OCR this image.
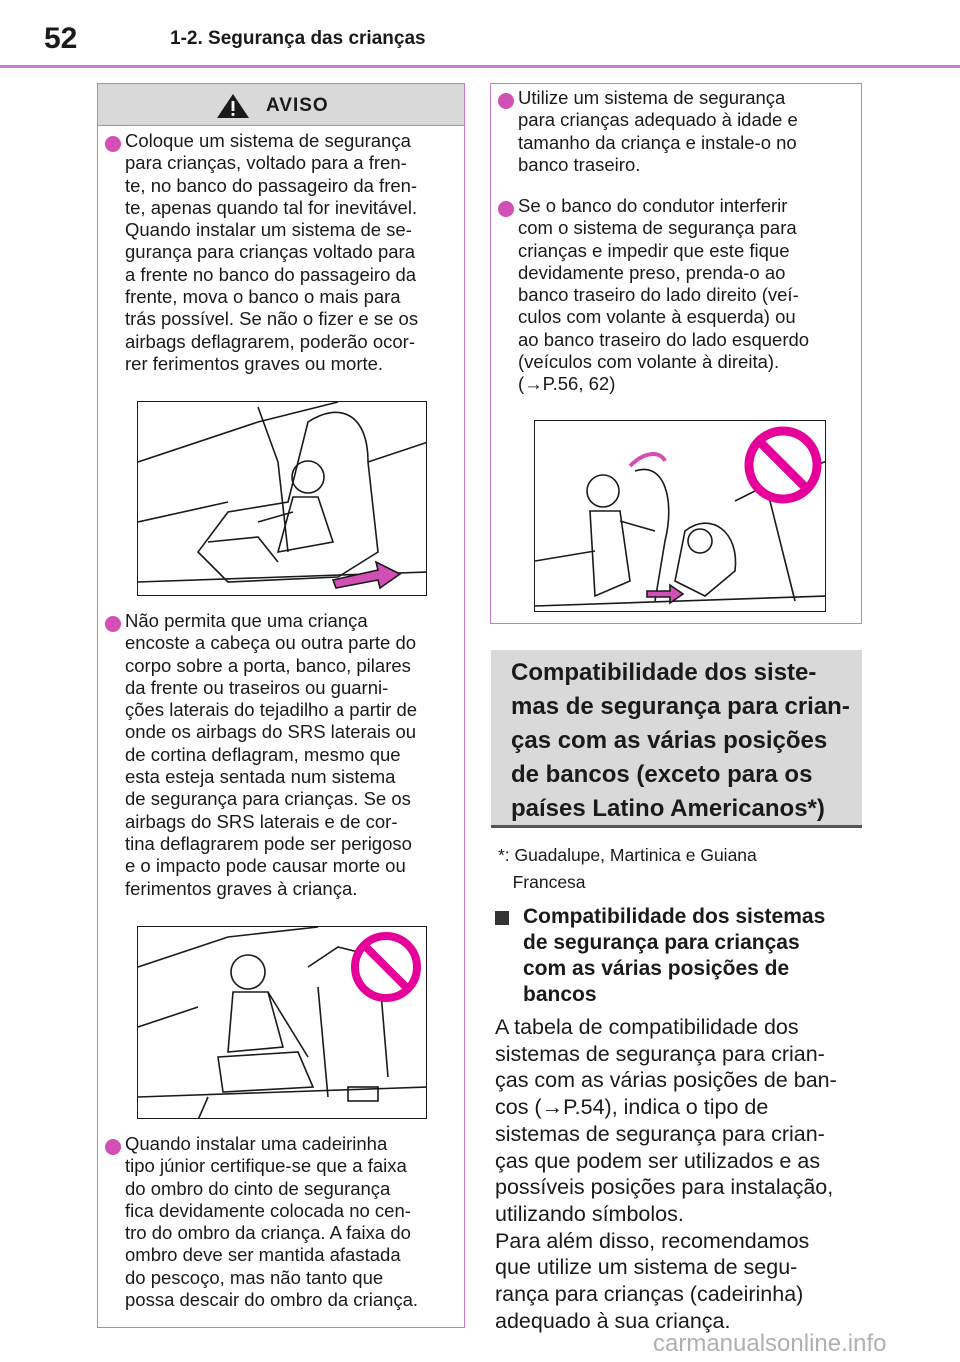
52	1-2. Segurança das crianças
AVISO
Coloque um sistema de segurança
para crianças, voltado para a fren-
te, no banco do passageiro da fren-
te, apenas quando tal for inevitável.
Quando instalar um sistema de se-
gurança para crianças voltado para
a frente no banco do passageiro da
frente, mova o banco o mais para
trás possível. Se não o fizer e se os
airbags deflagrarem, poderão ocor-
rer ferimentos graves ou morte.
Não permita que uma criança
encoste a cabeça ou outra parte do
corpo sobre a porta, banco, pilares
da frente ou traseiros ou guarni-
ções laterais do tejadilho a partir de
onde os airbags do SRS laterais ou
de cortina deflagram, mesmo que
esta esteja sentada num sistema
de segurança para crianças. Se os
airbags do SRS laterais e de cor-
tina deflagrarem pode ser perigoso
e o impacto pode causar morte ou
ferimentos graves à criança.
Quando instalar uma cadeirinha
tipo júnior certifique-se que a faixa
do ombro do cinto de segurança
fica devidamente colocada no cen-
tro do ombro da criança. A faixa do
ombro deve ser mantida afastada
do pescoço, mas não tanto que
possa descair do ombro da criança.
Utilize um sistema de segurança
para crianças adequado à idade e
tamanho da criança e instale-o no
banco traseiro.
Se o banco do condutor interferir
com o sistema de segurança para
crianças e impedir que este fique
devidamente preso, prenda-o ao
banco traseiro do lado direito (veí-
culos com volante à esquerda) ou
ao banco traseiro do lado esquerdo
(veículos com volante à direita).
(→P.56, 62)
Compatibilidade dos siste-
mas de segurança para crian-
ças com as várias posições
de bancos (exceto para os
países Latino Americanos*)
*: Guadalupe, Martinica e Guiana
Francesa
Compatibilidade dos sistemas
de segurança para crianças
com as várias posições de
bancos
A tabela de compatibilidade dos
sistemas de segurança para crian-
ças com as várias posições de ban-
cos (→P.54), indica o tipo de
sistemas de segurança para crian-
ças que podem ser utilizados e as
possíveis posições para instalação,
utilizando símbolos.
Para além disso, recomendamos
que utilize um sistema de segu-
rança para crianças (cadeirinha)
adequado à sua criança.
carmanualsonline.info
